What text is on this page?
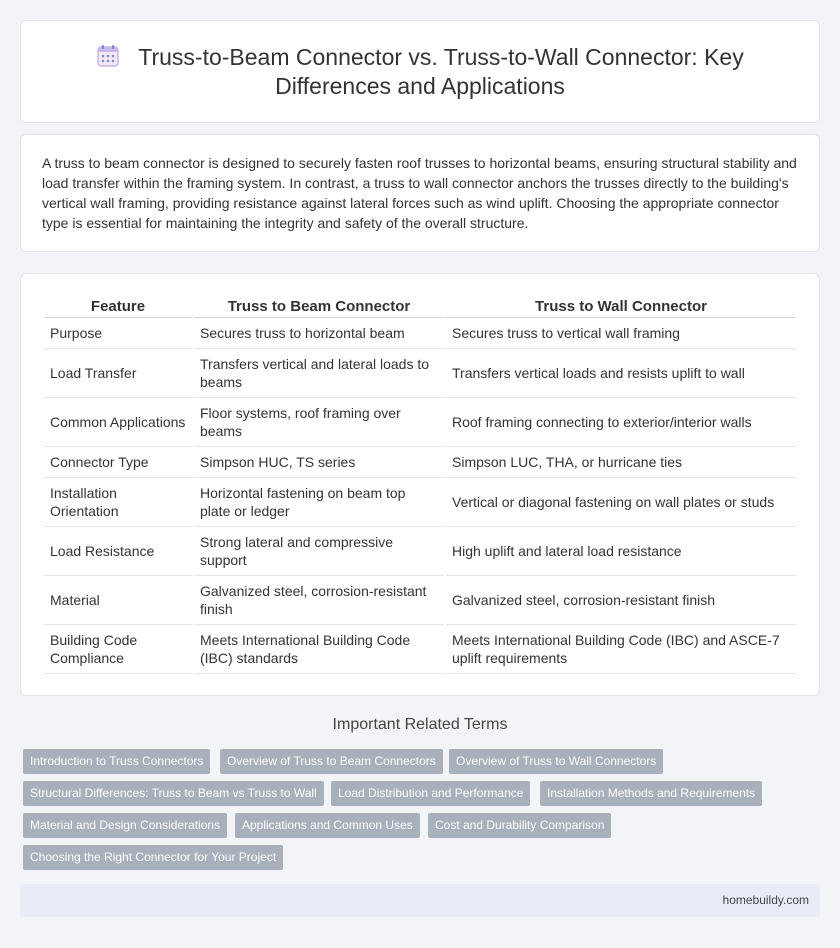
Truss-to-Beam Connector vs. Truss-to-Wall Connector: Key Differences and Applications

A truss to beam connector is designed to securely fasten roof trusses to horizontal beams, ensuring structural stability and load transfer within the framing system. In contrast, a truss to wall connector anchors the trusses directly to the building's vertical wall framing, providing resistance against lateral forces such as wind uplift. Choosing the appropriate connector type is essential for maintaining the integrity and safety of the overall structure.

Feature	Truss to Beam Connector	Truss to Wall Connector
Purpose	Secures truss to horizontal beam	Secures truss to vertical wall framing
Load Transfer	Transfers vertical and lateral loads to beams	Transfers vertical loads and resists uplift to wall
Common Applications	Floor systems, roof framing over beams	Roof framing connecting to exterior/interior walls
Connector Type	Simpson HUC, TS series	Simpson LUC, THA, or hurricane ties
Installation Orientation	Horizontal fastening on beam top plate or ledger	Vertical or diagonal fastening on wall plates or studs
Load Resistance	Strong lateral and compressive support	High uplift and lateral load resistance
Material	Galvanized steel, corrosion-resistant finish	Galvanized steel, corrosion-resistant finish
Building Code Compliance	Meets International Building Code (IBC) standards	Meets International Building Code (IBC) and ASCE-7 uplift requirements
Important Related Terms
Introduction to Truss Connectors	Overview of Truss to Beam Connectors	Overview of Truss to Wall Connectors
Structural Differences: Truss to Beam vs Truss to Wall	Load Distribution and Performance	Installation Methods and Requirements
Material and Design Considerations	Applications and Common Uses	Cost and Durability Comparison
Choosing the Right Connector for Your Project
homebuildy.com
